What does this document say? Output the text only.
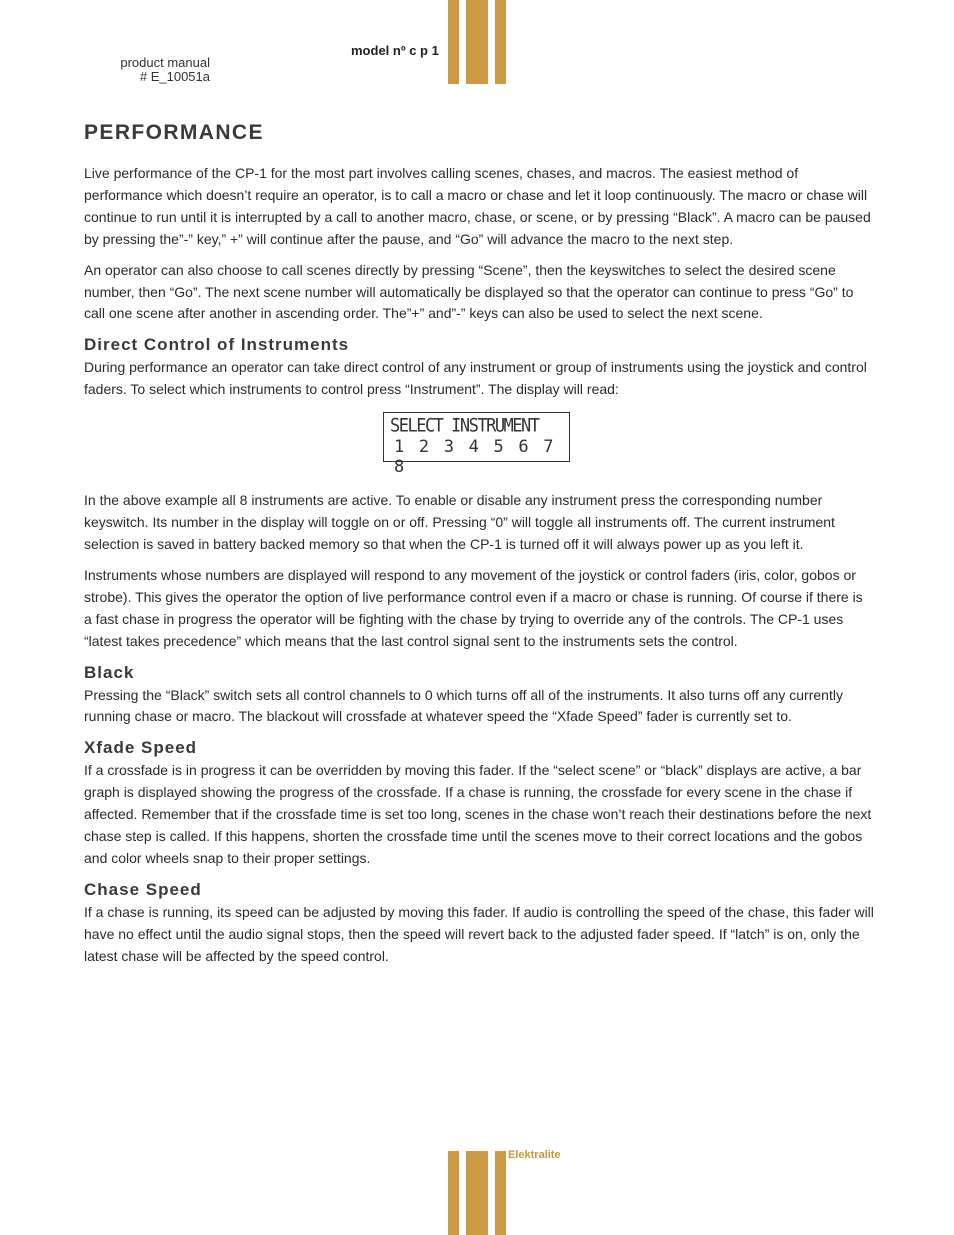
product manual
# E_10051a
model nº c p 1
PERFORMANCE

Live performance of the CP-1 for the most part involves calling scenes, chases, and macros. The easiest method of performance which doesn’t require an operator, is to call a macro or chase and let it loop continuously. The macro or chase will continue to run until it is interrupted by a call to another macro, chase, or scene, or by pressing “Black”. A macro can be paused by pressing the”-” key,” +” will continue after the pause, and “Go” will advance the macro to the next step.

An operator can also choose to call scenes directly by pressing “Scene”, then the keyswitches to select the desired scene number, then “Go”. The next scene number will automatically be displayed so that the operator can continue to press “Go” to call one scene after another in ascending order. The”+” and”-” keys can also be used to select the next scene.

Direct Control of Instruments

During performance an operator can take direct control of any instrument or group of instruments using the joystick and control faders. To select which instruments to control press “Instrument”. The display will read:

SELECT INSTRUMENT
1 2 3 4 5 6 7 8

In the above example all 8 instruments are active. To enable or disable any instrument press the corresponding number keyswitch. Its number in the display will toggle on or off. Pressing “0” will toggle all instruments off. The current instrument selection is saved in battery backed memory so that when the CP-1 is turned off it will always power up as you left it.

Instruments whose numbers are displayed will respond to any movement of the joystick or control faders (iris, color, gobos or strobe). This gives the operator the option of live performance control even if a macro or chase is running. Of course if there is a fast chase in progress the operator will be fighting with the chase by trying to override any of the controls. The CP-1 uses “latest takes precedence” which means that the last control signal sent to the instruments sets the control.

Black

Pressing the “Black” switch sets all control channels to 0 which turns off all of the instruments. It also turns off any currently running chase or macro. The blackout will crossfade at whatever speed the “Xfade Speed” fader is currently set to.

Xfade Speed

If a crossfade is in progress it can be overridden by moving this fader. If the “select scene” or “black” displays are active, a bar graph is displayed showing the progress of the crossfade. If a chase is running, the crossfade for every scene in the chase if affected. Remember that if the crossfade time is set too long, scenes in the chase won’t reach their destinations before the next chase step is called. If this happens, shorten the crossfade time until the scenes move to their correct locations and the gobos and color wheels snap to their proper settings.

Chase Speed

If a chase is running, its speed can be adjusted by moving this fader. If audio is controlling the speed of the chase, this fader will have no effect until the audio signal stops, then the speed will revert back to the adjusted fader speed. If “latch” is on, only the latest chase will be affected by the speed control.

Elektralite
